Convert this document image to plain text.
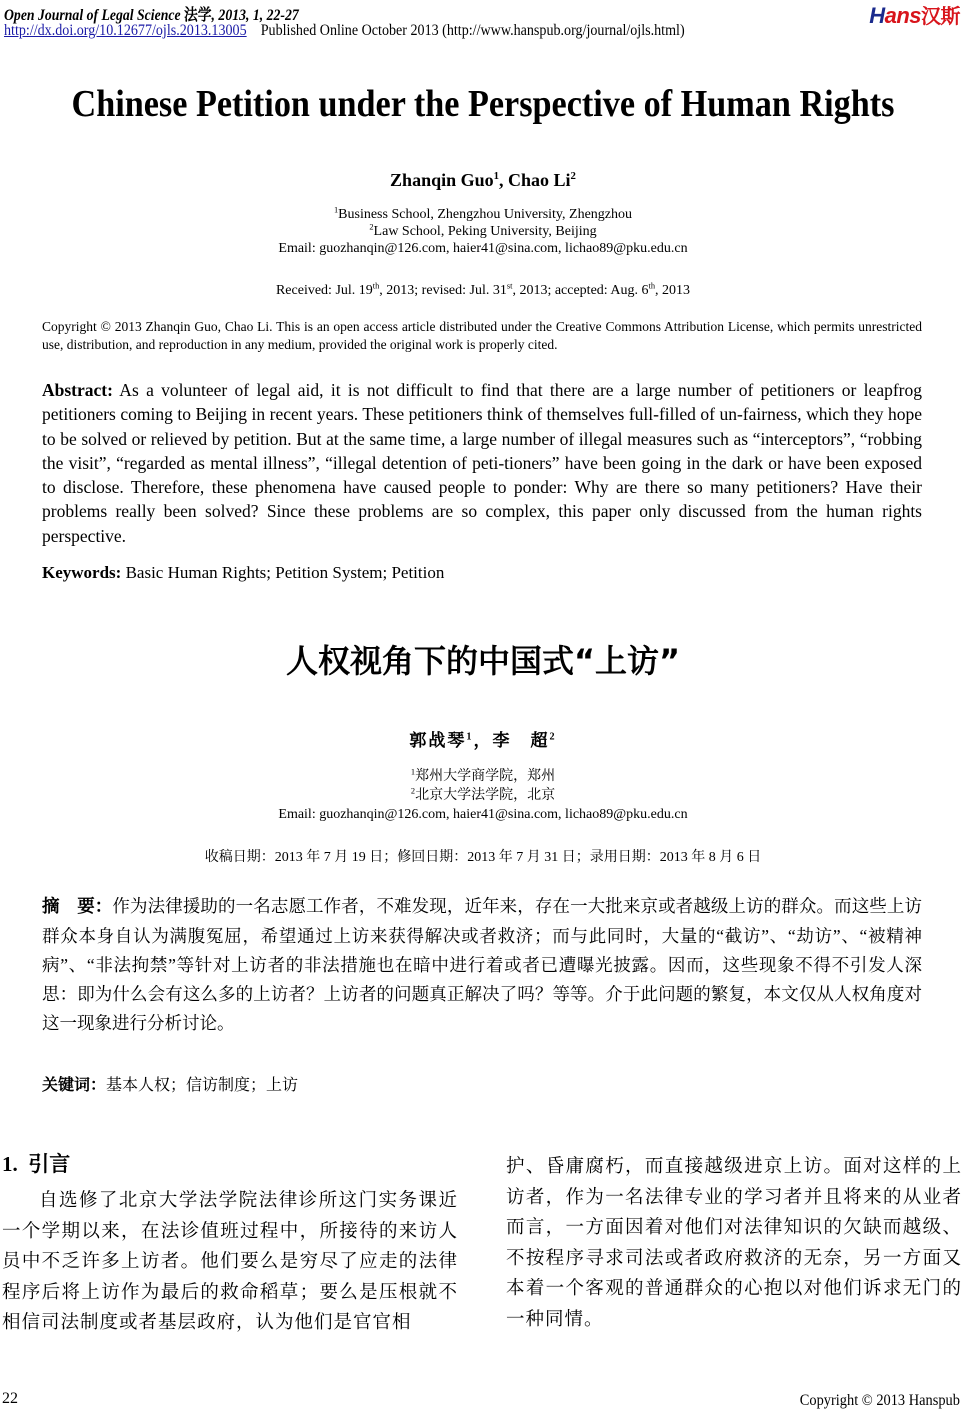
Open Journal of Legal Science 法学, 2013, 1, 22-27
http://dx.doi.org/10.12677/ojls.2013.13005 Published Online October 2013 (http://www.hanspub.org/journal/ojls.html)
Hans汉斯
Chinese Petition under the Perspective of Human Rights
Zhanqin Guo$^1$, Chao Li$^2$
$^1$Business School, Zhengzhou University, Zhengzhou
$^2$Law School, Peking University, Beijing
Email: guozhanqin@126.com, haier41@sina.com, lichao89@pku.edu.cn
Received: Jul. 19th, 2013; revised: Jul. 31st, 2013; accepted: Aug. 6th, 2013
Copyright © 2013 Zhanqin Guo, Chao Li. This is an open access article distributed under the Creative Commons Attribution License, which permits unrestricted use, distribution, and reproduction in any medium, provided the original work is properly cited.
Abstract: As a volunteer of legal aid, it is not difficult to find that there are a large number of petitioners or leapfrog petitioners coming to Beijing in recent years. These petitioners think of themselves full-filled of un-fairness, which they hope to be solved or relieved by petition. But at the same time, a large number of illegal measures such as “interceptors”, “robbing the visit”, “regarded as mental illness”, “illegal detention of peti-tioners” have been going in the dark or have been exposed to disclose. Therefore, these phenomena have caused people to ponder: Why are there so many petitioners? Have their problems really been solved? Since these problems are so complex, this paper only discussed from the human rights perspective.
Keywords: Basic Human Rights; Petition System; Petition
人权视角下的中国式“上访”
郭战琴$^1$，李　超$^2$
$^1$郑州大学商学院，郑州
$^2$北京大学法学院，北京
Email: guozhanqin@126.com, haier41@sina.com, lichao89@pku.edu.cn
收稿日期：2013 年 7 月 19 日；修回日期：2013 年 7 月 31 日；录用日期：2013 年 8 月 6 日
摘　要：作为法律援助的一名志愿工作者，不难发现，近年来，存在一大批来京或者越级上访的群众。而这些上访群众本身自认为满腹冤屈，希望通过上访来获得解决或者救济；而与此同时，大量的“截访”、“劫访”、“被精神病”、“非法拘禁”等针对上访者的非法措施也在暗中进行着或者已遭曝光披露。因而，这些现象不得不引发人深思：即为什么会有这么多的上访者？上访者的问题真正解决了吗？等等。介于此问题的繁复，本文仅从人权角度对这一现象进行分析讨论。
关键词：基本人权；信访制度；上访
1. 引言
自选修了北京大学法学院法律诊所这门实务课近一个学期以来，在法诊值班过程中，所接待的来访人员中不乏许多上访者。他们要么是穷尽了应走的法律程序后将上访作为最后的救命稻草；要么是压根就不相信司法制度或者基层政府，认为他们是官官相
护、昏庸腐朽，而直接越级进京上访。面对这样的上访者，作为一名法律专业的学习者并且将来的从业者而言，一方面因着对他们对法律知识的欠缺而越级、不按程序寻求司法或者政府救济的无奈，另一方面又本着一个客观的普通群众的心抱以对他们诉求无门的一种同情。
22	Copyright © 2013 Hanspub
